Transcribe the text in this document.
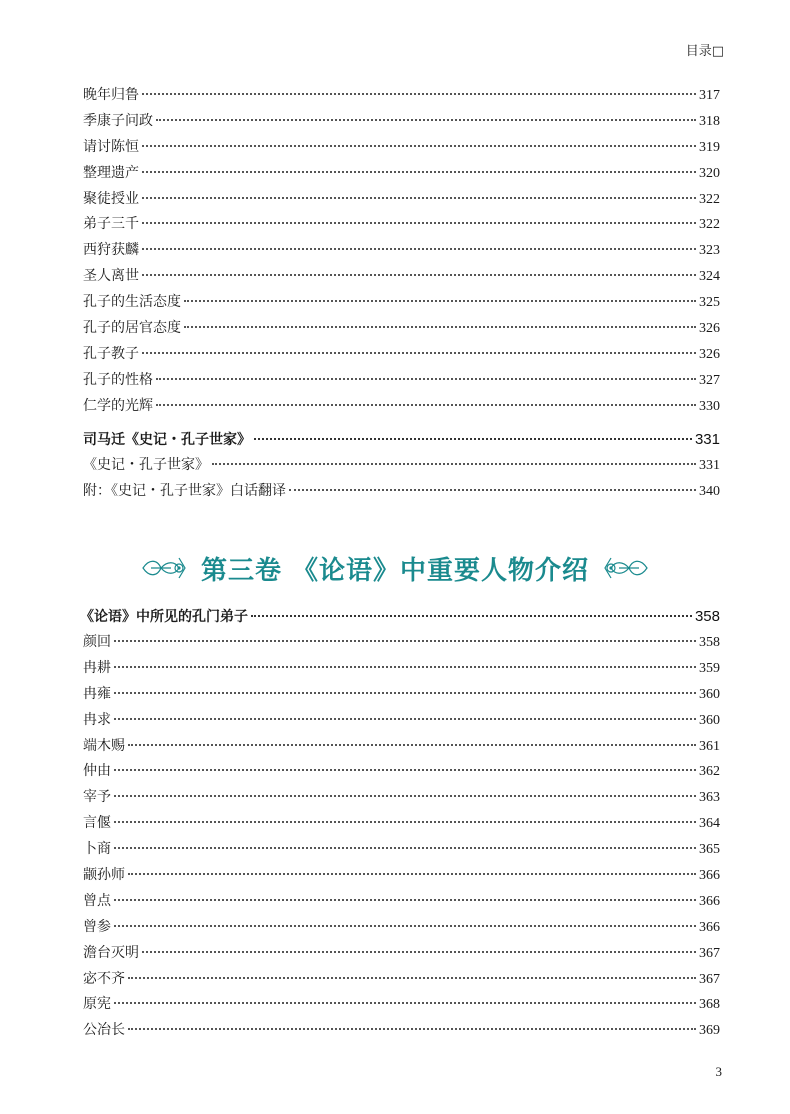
目录□
晚年归鲁	317
季康子问政	318
请讨陈恒	319
整理遗产	320
聚徒授业	322
弟子三千	322
西狩获麟	323
圣人离世	324
孔子的生活态度	325
孔子的居官态度	326
孔子教子	326
孔子的性格	327
仁学的光辉	330
司马迁《史记・孔子世家》	331
《史记・孔子世家》	331
附：《史记・孔子世家》白话翻译	340
第三卷 《论语》中重要人物介绍
《论语》中所见的孔门弟子	358
颜回	358
冉耕	359
冉雍	360
冉求	360
端木赐	361
仲由	362
宰予	363
言偃	364
卜商	365
颛孙师	366
曾点	366
曾参	366
澹台灭明	367
宓不齐	367
原宪	368
公冶长	369
3
